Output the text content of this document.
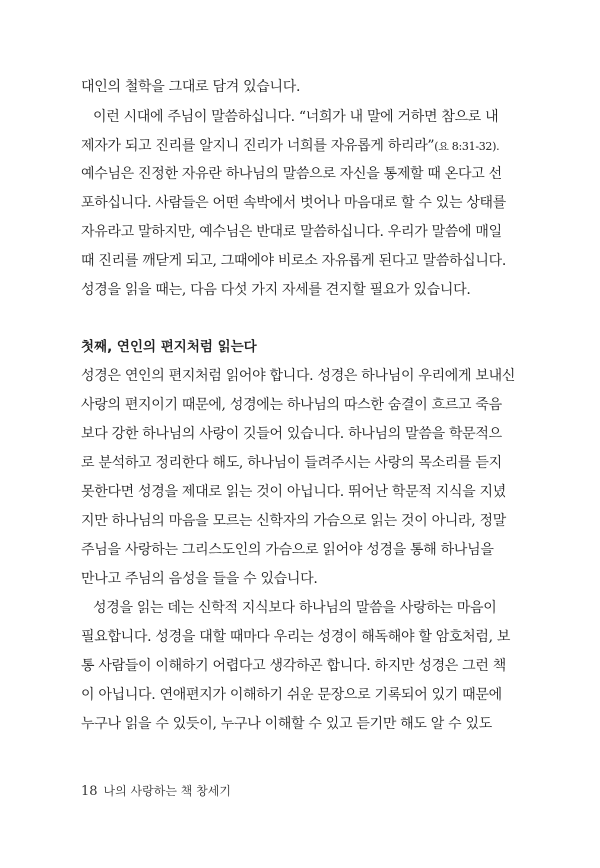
대인의 철학을 그대로 담겨 있습니다.
이런 시대에 주님이 말씀하십니다. “너희가 내 말에 거하면 참으로 내
제자가 되고 진리를 알지니 진리가 너희를 자유롭게 하리라”(요 8:31-32).
예수님은 진정한 자유란 하나님의 말씀으로 자신을 통제할 때 온다고 선
포하십니다. 사람들은 어떤 속박에서 벗어나 마음대로 할 수 있는 상태를
자유라고 말하지만, 예수님은 반대로 말씀하십니다. 우리가 말씀에 매일
때 진리를 깨닫게 되고, 그때에야 비로소 자유롭게 된다고 말씀하십니다.
성경을 읽을 때는, 다음 다섯 가지 자세를 견지할 필요가 있습니다.
첫째, 연인의 편지처럼 읽는다
성경은 연인의 편지처럼 읽어야 합니다. 성경은 하나님이 우리에게 보내신
사랑의 편지이기 때문에, 성경에는 하나님의 따스한 숨결이 흐르고 죽음
보다 강한 하나님의 사랑이 깃들어 있습니다. 하나님의 말씀을 학문적으
로 분석하고 정리한다 해도, 하나님이 들려주시는 사랑의 목소리를 듣지
못한다면 성경을 제대로 읽는 것이 아닙니다. 뛰어난 학문적 지식을 지녔
지만 하나님의 마음을 모르는 신학자의 가슴으로 읽는 것이 아니라, 정말
주님을 사랑하는 그리스도인의 가슴으로 읽어야 성경을 통해 하나님을
만나고 주님의 음성을 들을 수 있습니다.
성경을 읽는 데는 신학적 지식보다 하나님의 말씀을 사랑하는 마음이
필요합니다. 성경을 대할 때마다 우리는 성경이 해독해야 할 암호처럼, 보
통 사람들이 이해하기 어렵다고 생각하곤 합니다. 하지만 성경은 그런 책
이 아닙니다. 연애편지가 이해하기 쉬운 문장으로 기록되어 있기 때문에
누구나 읽을 수 있듯이, 누구나 이해할 수 있고 듣기만 해도 알 수 있도
18 나의 사랑하는 책 창세기
